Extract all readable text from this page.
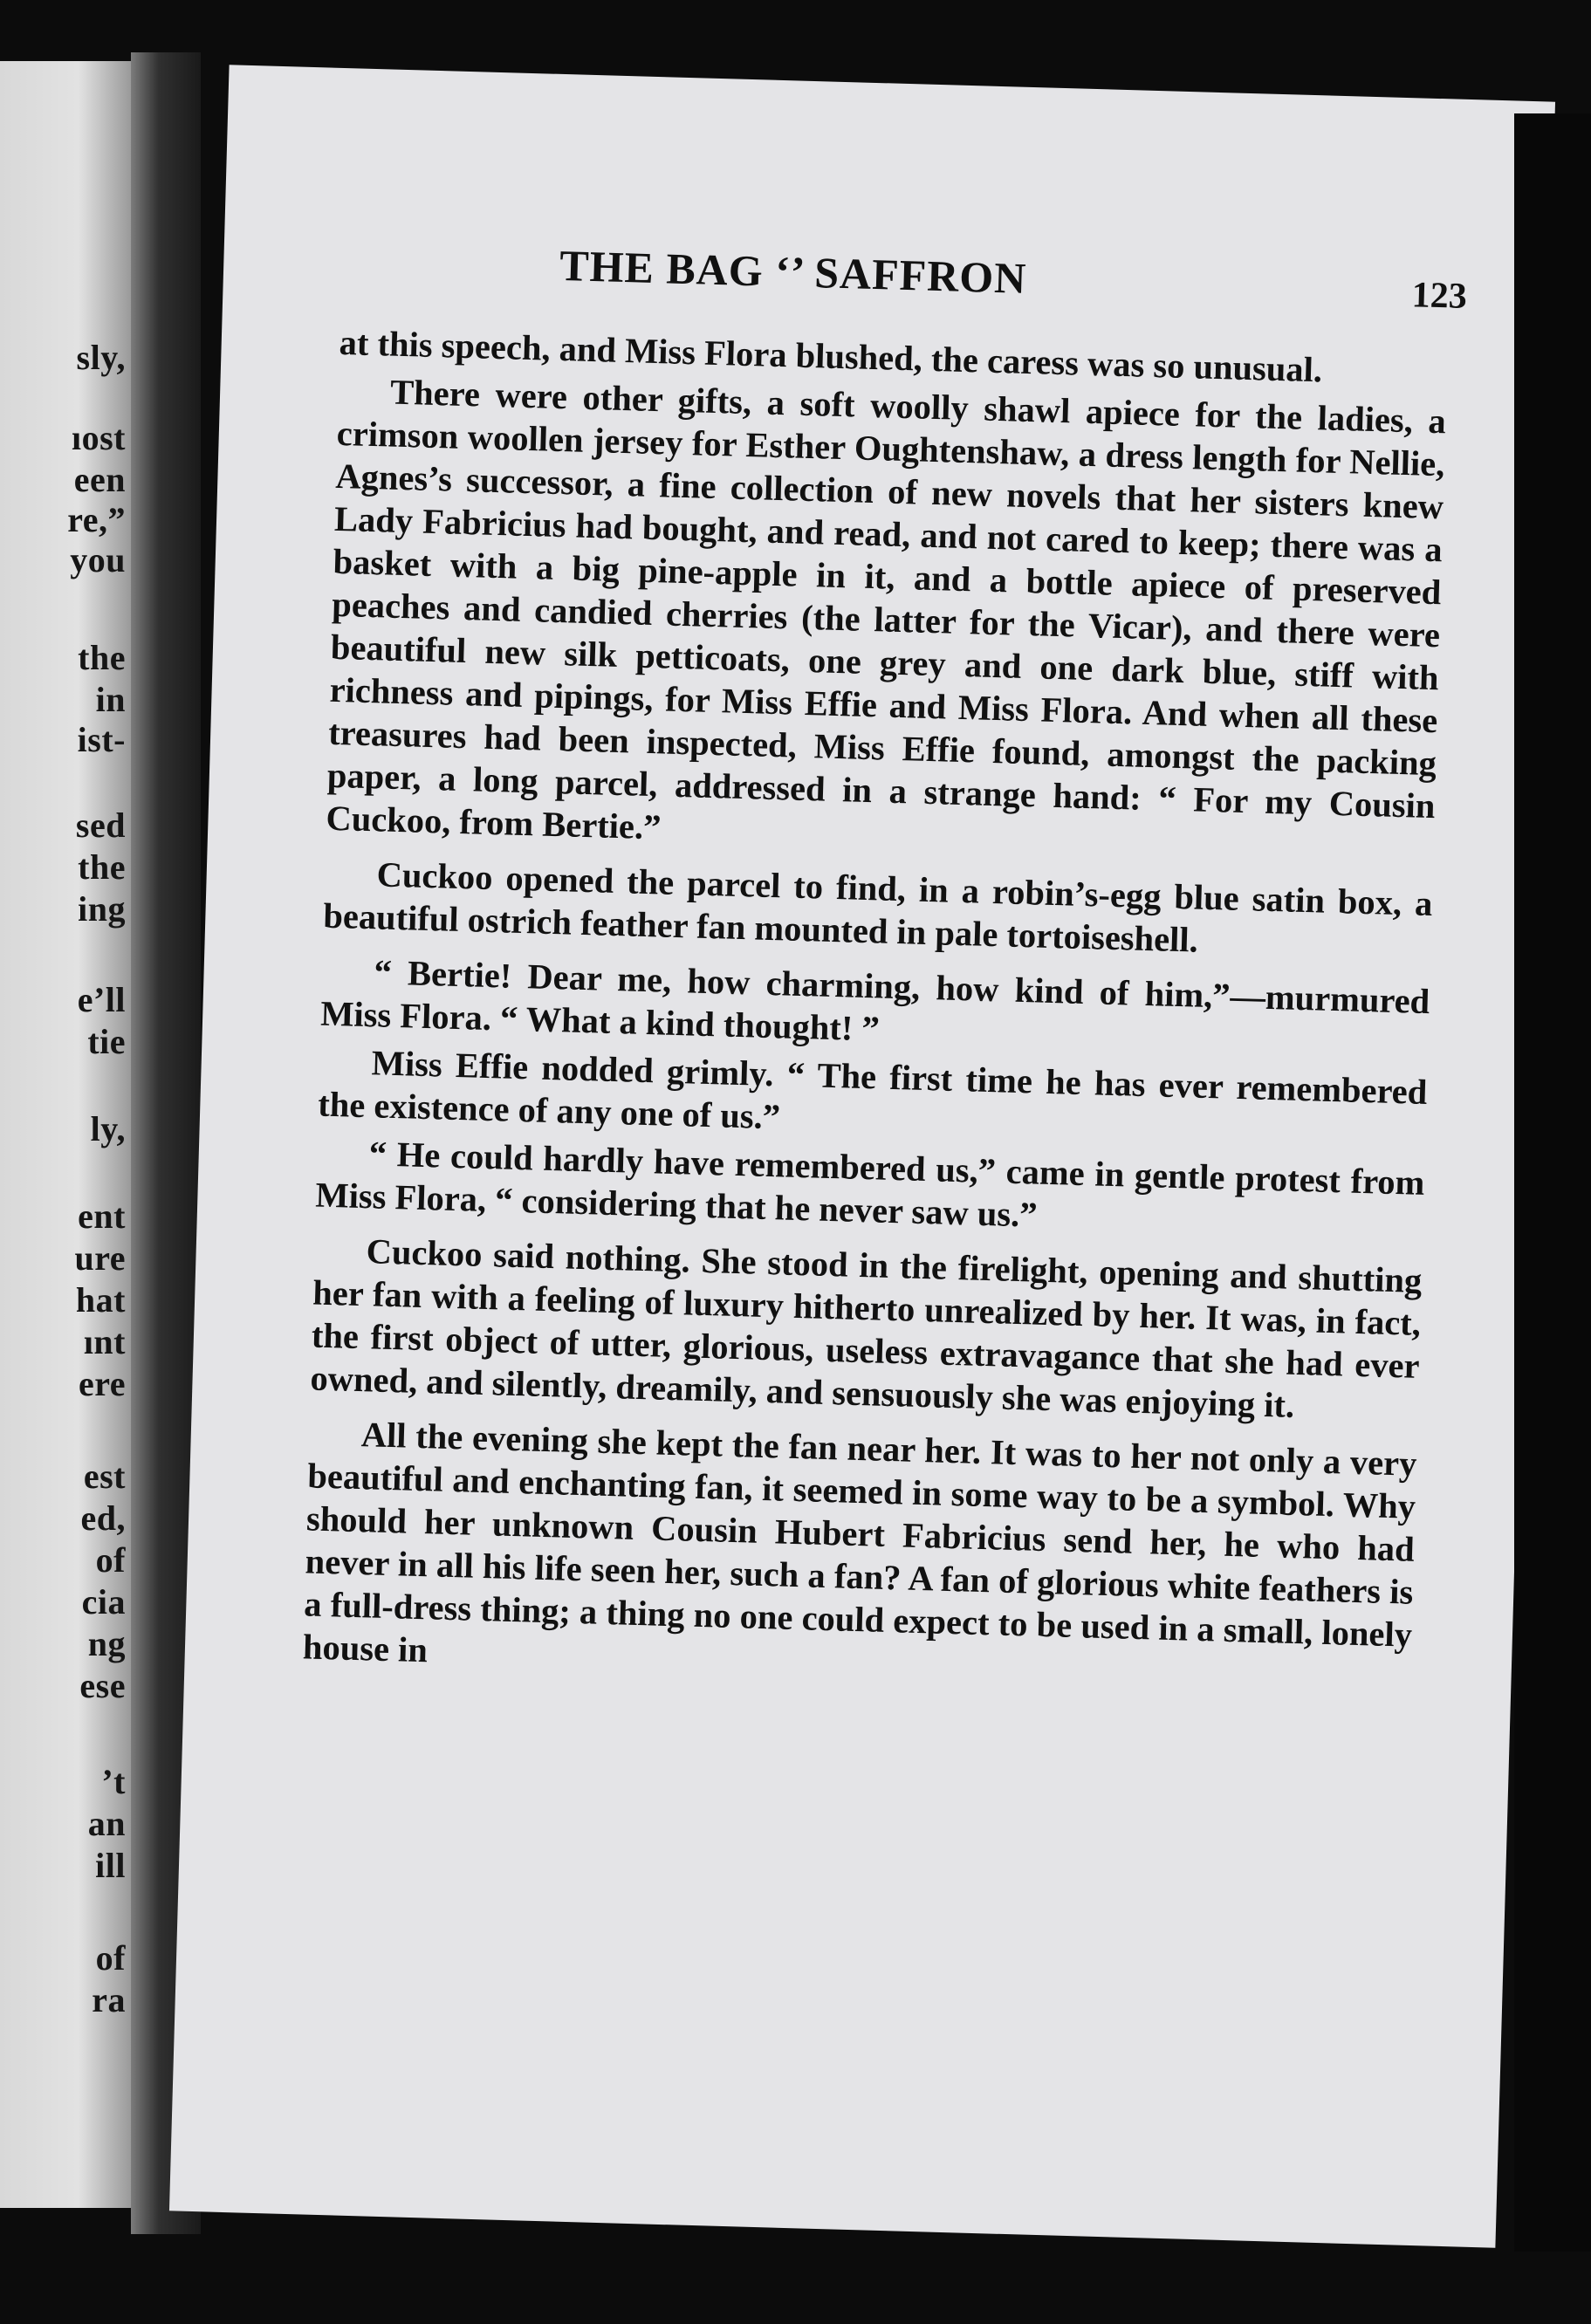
sly,
ıost
een
re,”
you
the
in
ist-
sed
the
ing
e’ll
tie
ly,
ent
ure
hat
ınt
ere
est
ed,
of
cia
ng
ese
’t
an
ill
of
ra
THE BAG ‘’ SAFFRON	123

at this speech, and Miss Flora blushed, the caress was so unusual.

There were other gifts, a soft woolly shawl apiece for the ladies, a crimson woollen jersey for Esther Oughtenshaw, a dress length for Nellie, Agnes’s successor, a fine collection of new novels that her sisters knew Lady Fabricius had bought, and read, and not cared to keep; there was a basket with a big pine-apple in it, and a bottle apiece of preserved peaches and candied cherries (the latter for the Vicar), and there were beautiful new silk petticoats, one grey and one dark blue, stiff with richness and pipings, for Miss Effie and Miss Flora. And when all these treasures had been inspected, Miss Effie found, amongst the packing paper, a long parcel, addressed in a strange hand: “ For my Cousin Cuckoo, from Bertie.”

Cuckoo opened the parcel to find, in a robin’s-egg blue satin box, a beautiful ostrich feather fan mounted in pale tortoiseshell.

“ Bertie! Dear me, how charming, how kind of him,”—murmured Miss Flora. “ What a kind thought! ”

Miss Effie nodded grimly. “ The first time he has ever remembered the existence of any one of us.”

“ He could hardly have remembered us,” came in gentle protest from Miss Flora, “ considering that he never saw us.”

Cuckoo said nothing. She stood in the firelight, opening and shutting her fan with a feeling of luxury hitherto unrealized by her. It was, in fact, the first object of utter, glorious, useless extravagance that she had ever owned, and silently, dreamily, and sensuously she was enjoying it.

All the evening she kept the fan near her. It was to her not only a very beautiful and enchanting fan, it seemed in some way to be a symbol. Why should her unknown Cousin Hubert Fabricius send her, he who had never in all his life seen her, such a fan? A fan of glorious white feathers is a full-dress thing; a thing no one could expect to be used in a small, lonely house in
